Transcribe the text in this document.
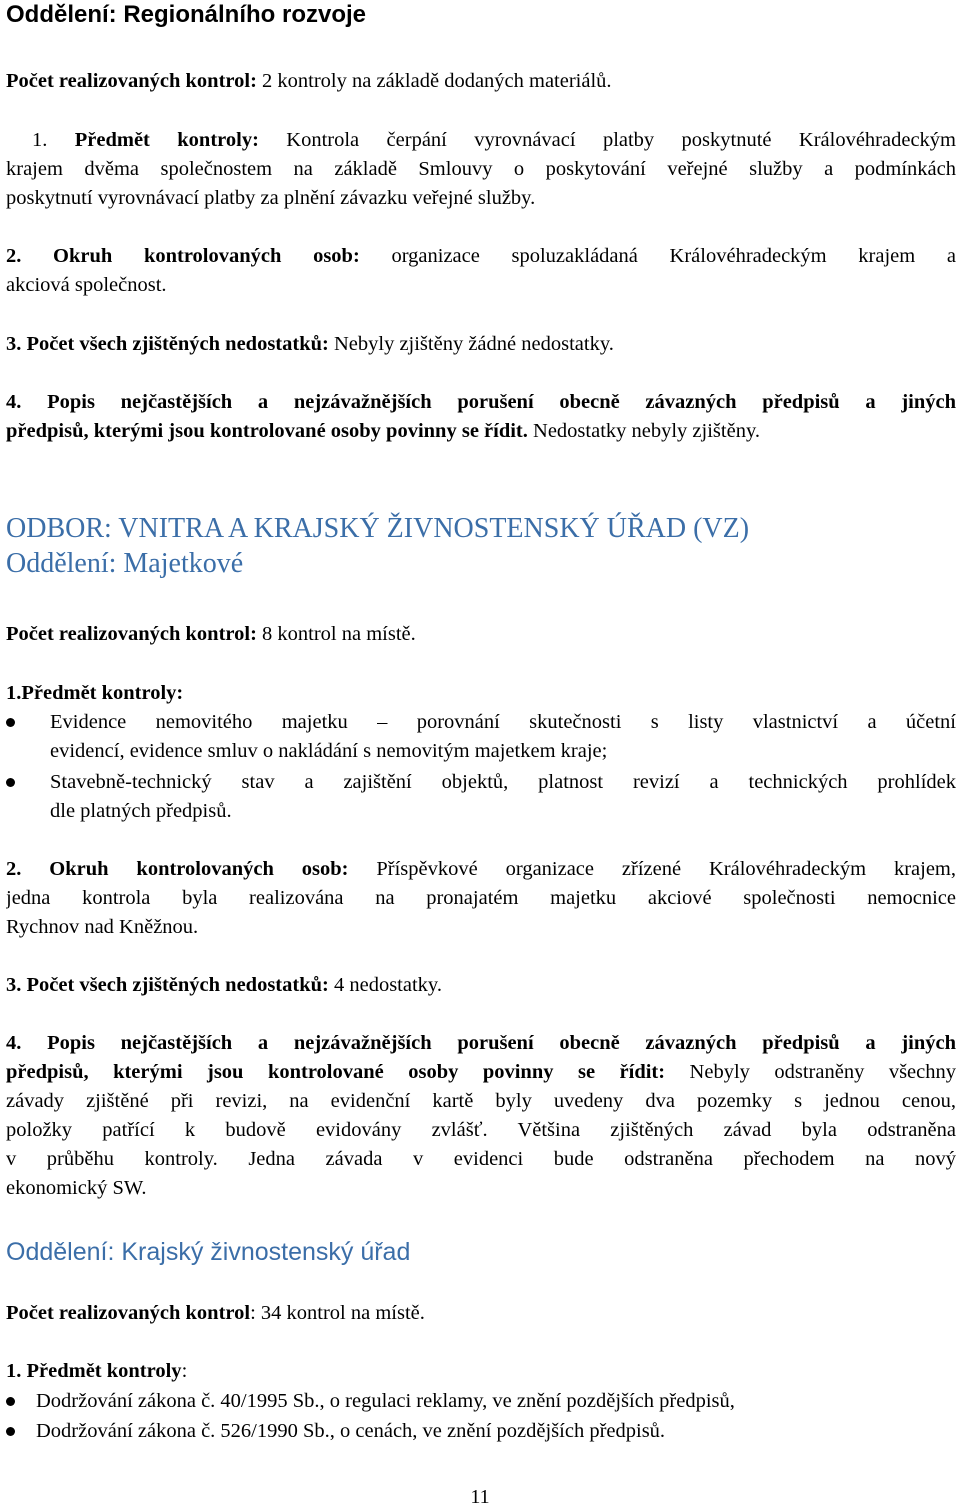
Oddělení: Regionálního rozvoje
Počet realizovaných kontrol: 2 kontroly na základě dodaných materiálů.
1. Předmět kontroly: Kontrola čerpání vyrovnávací platby poskytnuté Královéhradeckým
krajem dvěma společnostem na základě Smlouvy o poskytování veřejné služby a podmínkách
poskytnutí vyrovnávací platby za plnění závazku veřejné služby.
2. Okruh kontrolovaných osob: organizace spoluzakládaná Královéhradeckým krajem a
akciová společnost.
3. Počet všech zjištěných nedostatků: Nebyly zjištěny žádné nedostatky.
4. Popis nejčastějších a nejzávažnějších porušení obecně závazných předpisů a jiných
předpisů, kterými jsou kontrolované osoby povinny se řídit. Nedostatky nebyly zjištěny.
ODBOR: VNITRA A KRAJSKÝ ŽIVNOSTENSKÝ ÚŘAD (VZ)
Oddělení: Majetkové
Počet realizovaných kontrol: 8 kontrol na místě.
1.Předmět kontroly:
Evidence nemovitého majetku – porovnání skutečnosti s listy vlastnictví a účetní
evidencí, evidence smluv o nakládání s nemovitým majetkem kraje;
Stavebně-technický stav a zajištění objektů, platnost revizí a technických prohlídek
dle platných předpisů.
2. Okruh kontrolovaných osob: Příspěvkové organizace zřízené Královéhradeckým krajem,
jedna kontrola byla realizována na pronajatém majetku akciové společnosti nemocnice
Rychnov nad Kněžnou.
3. Počet všech zjištěných nedostatků: 4 nedostatky.
4. Popis nejčastějších a nejzávažnějších porušení obecně závazných předpisů a jiných
předpisů, kterými jsou kontrolované osoby povinny se řídit: Nebyly odstraněny všechny
závady zjištěné při revizi, na evidenční kartě byly uvedeny dva pozemky s jednou cenou,
položky patřící k budově evidovány zvlášť. Většina zjištěných závad byla odstraněna
v průběhu kontroly. Jedna závada v evidenci bude odstraněna přechodem na nový
ekonomický SW.
Oddělení: Krajský živnostenský úřad
Počet realizovaných kontrol: 34 kontrol na místě.
1. Předmět kontroly:
Dodržování zákona č. 40/1995 Sb., o regulaci reklamy, ve znění pozdějších předpisů,
Dodržování zákona č. 526/1990 Sb., o cenách, ve znění pozdějších předpisů.
11
